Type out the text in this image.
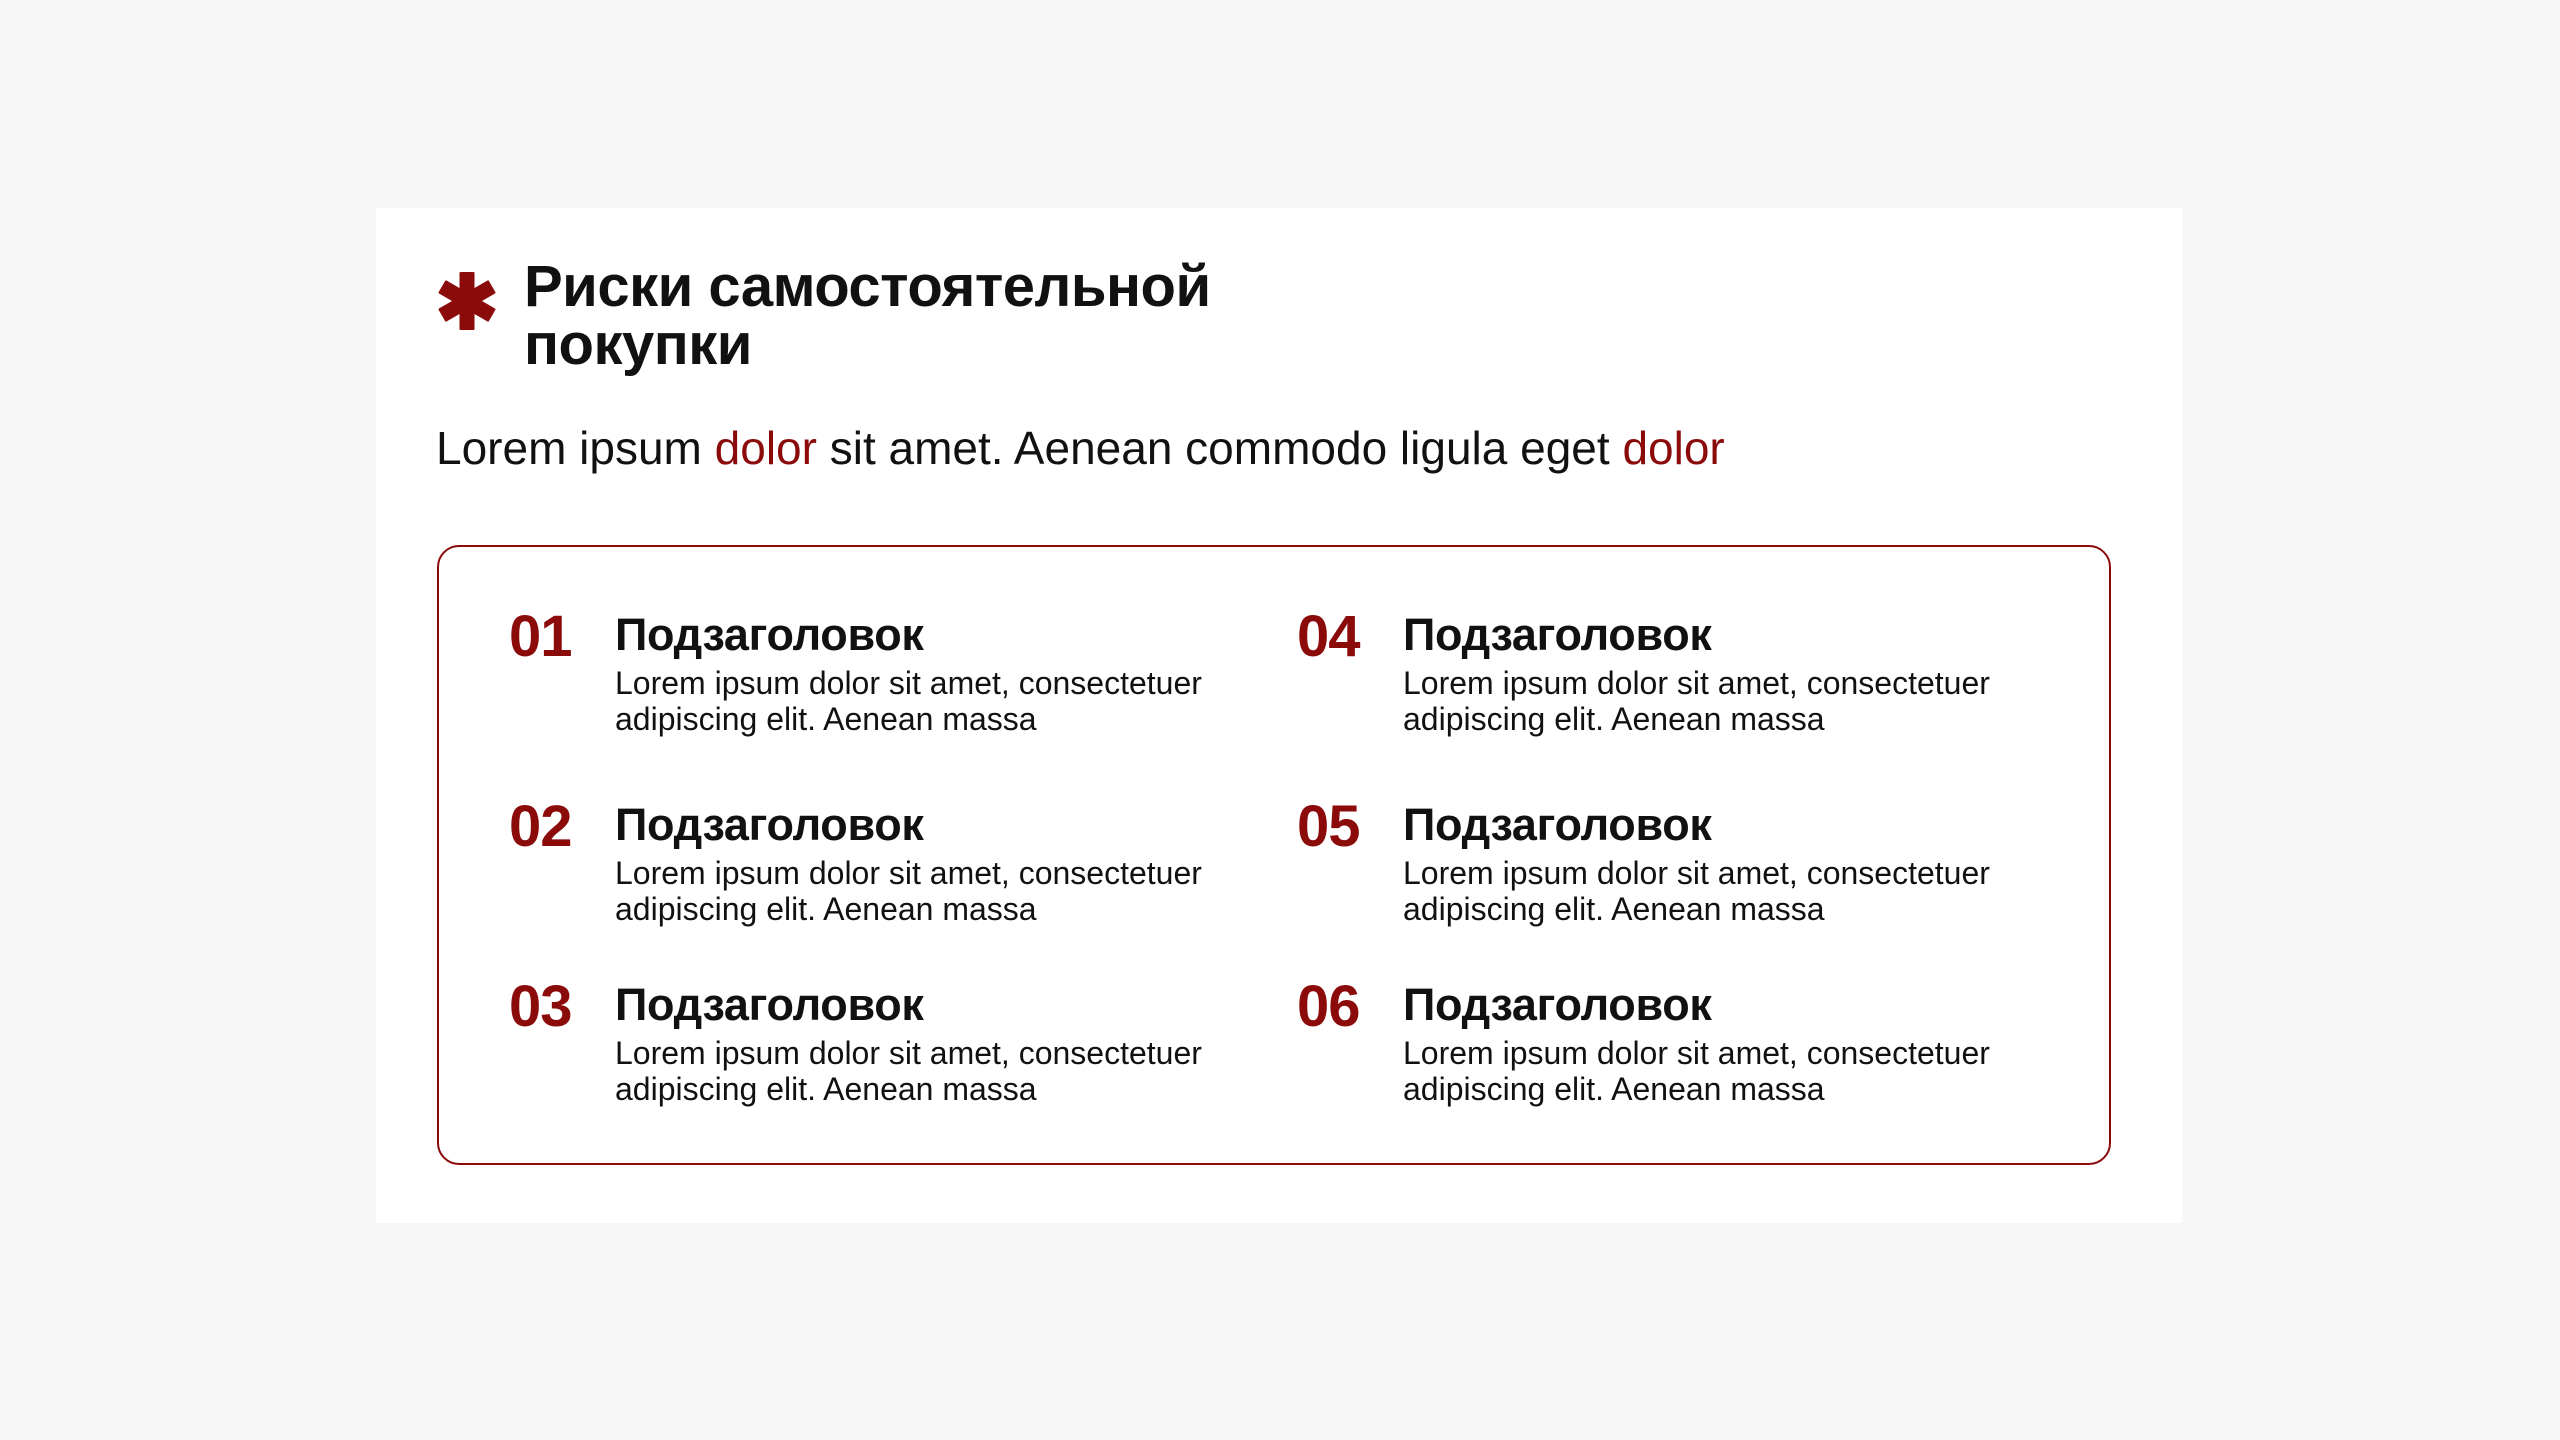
Риски самостоятельной покупки
Lorem ipsum dolor sit amet. Aenean commodo ligula eget dolor
01 Подзаголовок
Lorem ipsum dolor sit amet, consectetuer adipiscing elit. Aenean massa
02 Подзаголовок
Lorem ipsum dolor sit amet, consectetuer adipiscing elit. Aenean massa
03 Подзаголовок
Lorem ipsum dolor sit amet, consectetuer adipiscing elit. Aenean massa
04 Подзаголовок
Lorem ipsum dolor sit amet, consectetuer adipiscing elit. Aenean massa
05 Подзаголовок
Lorem ipsum dolor sit amet, consectetuer adipiscing elit. Aenean massa
06 Подзаголовок
Lorem ipsum dolor sit amet, consectetuer adipiscing elit. Aenean massa
